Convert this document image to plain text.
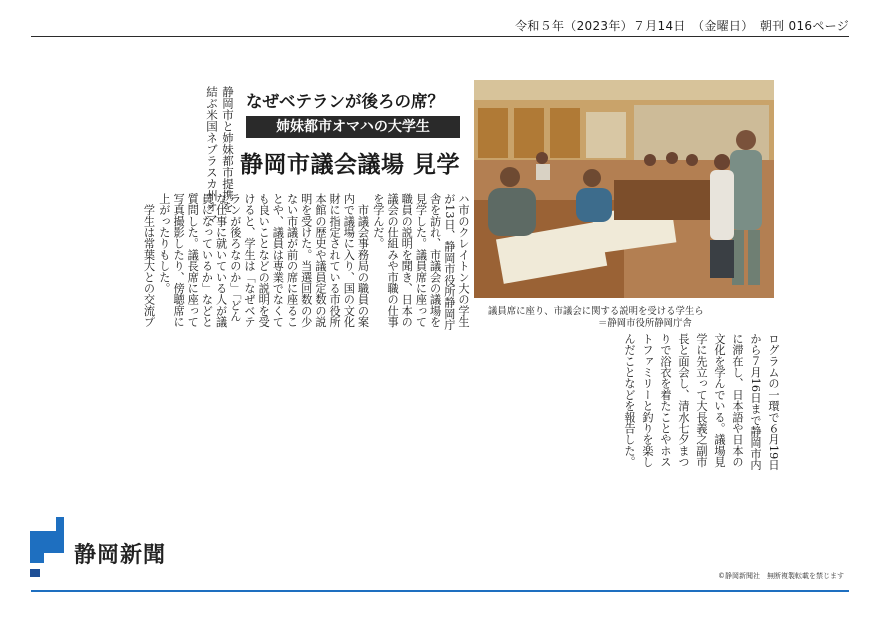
令和５年（2023年）７月14日　（金曜日）　朝刊 016ページ
静岡市と姉妹都市提携を
結ぶ米国ネブラスカ州オマ なぜベテランが後ろの席？
姉妹都市オマハの大学生
静岡市議会議場 見学
ハ市のクレイトン大の学生
が13日、静岡市役所静岡庁
舎を訪れ、市議会の議場を
見学した。議員席に座って
職員の説明を聞き、日本の
議会の仕組みや市職の仕事
を学んだ。
　市議会事務局の職員の案
内で議場に入り、国の文化
財に指定されている市役所
本館の歴史や議員定数の説
明を受けた。当選回数の少
ない市議が前の席に座るこ
とや、議員は専業でなくて
も良いことなどの説明を受
けると、学生は「なぜベテ
ランが後ろなのか」「どん
な仕事に就いている人が議
員になっているか」などと
質問した。議長席に座って
写真撮影したり、傍聴席に
上がったりもした。
　学生は常葉大との交流プ	議員席に座り、市議会に関する説明を受ける学生ら
＝静岡市役所静岡庁舎
ログラムの一環で６月19日
から７月16日まで静岡市内
に滞在し、日本語や日本の
文化を学んでいる。議場見
学に先立って大長義之副市
長と面会し、清水七夕まつ
りで浴衣を着たことやホス
トファミリーと釣りを楽し
んだことなどを報告した。
静岡新聞
©静岡新聞社　無断複製転載を禁じます
